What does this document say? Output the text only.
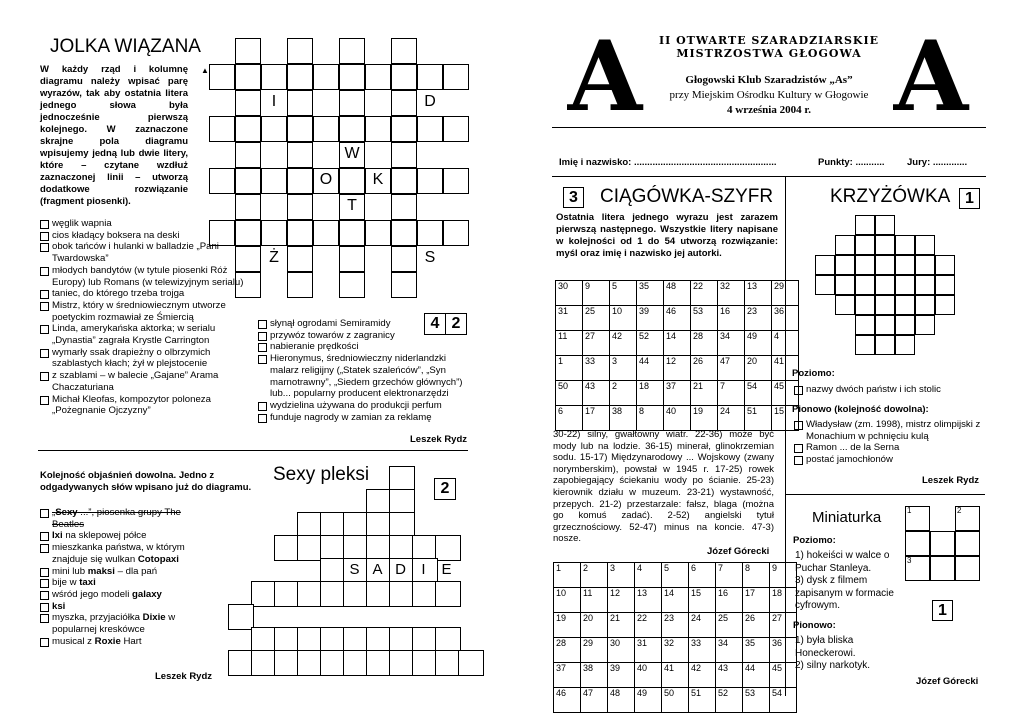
JOLKA WIĄZANA
W każdy rząd i kolumnę diagramu należy wpisać parę wyrazów, tak aby ostatnia litera jednego słowa była jednocześnie pierwszą kolejnego. W zaznaczone skrajne pola diagramu wpisujemy jedną lub dwie litery, które – czytane wzdłuż zaznaczonej linii – utworzą dodatkowe rozwiązanie (fragment piosenki).
I	D
W
O	K
T
Ż	S
▲
węglik wapnia
cios kładący boksera na deski
obok tańców i hulanki w balladzie „Pani Twardowska”
młodych bandytów (w tytule piosenki Róż Europy) lub Romans (w telewizyjnym serialu)
taniec, do którego trzeba trojga
Mistrz, który w średniowiecznym utworze poetyckim rozmawiał ze Śmiercią
Linda, amerykańska aktorka; w serialu „Dynastia” zagrała Krystle Carrington
wymarły ssak drapieżny o olbrzymich szablastych kłach; żył w plejstocenie
z szablami – w balecie „Gajane” Arama Chaczaturiana
Michał Kleofas, kompozytor poloneza „Pożegnanie Ojczyzny”
słynął ogrodami Semiramidy
przywóz towarów z zagranicy
nabieranie prędkości
Hieronymus, średniowieczny niderlandzki malarz religijny („Statek szaleńców”, „Syn marnotrawny”, „Siedem grzechów głównych”) lub... popularny producent elektronarzędzi
wydzielina używana do produkcji perfum
funduje nagrody w zamian za reklamę
4 2
Leszek Rydz
Kolejność objaśnień dowolna. Jedno z odgadywanych słów wpisano już do diagramu.
Sexy pleksi
2
„Sexy ...”, piosenka grupy The Beatles
Ixi na sklepowej półce
mieszkanka państwa, w którym znajduje się wulkan Cotopaxi
mini lub maksi – dla pań
bije w taxi
wśród jego modeli galaxy
ksi
myszka, przyjaciółka Dixie w popularnej kreskówce
musical z Roxie Hart
S A D	I	E
Leszek Rydz
A	A
II OTWARTE SZARADZIARSKIE
MISTRZOSTWA GŁOGOWA
Głogowski Klub Szaradzistów „As”
przy Miejskim Ośrodku Kultury w Głogowie
4 września 2004 r.
Imię i nazwisko: ......................................................	Punkty: ........... Jury: .............
3	CIĄGÓWKA-SZYFR
Ostatnia litera jednego wyrazu jest zarazem pierwszą następnego. Wszystkie litery napisane w kolejności od 1 do 54 utworzą rozwiązanie: myśl oraz imię i nazwisko jej autorki.
30	9	5	35	48	22	32	13	29
31	25	10	39	46	53	16	23	36
11	27	42	52	14	28	34	49	4
1	33	3	44	12	26	47	20	41
50	43	2	18	37	21	7	54	45
6	17	38	8	40	19	24	51	15
30-22) silny, gwałtowny wiatr. 22-36) może być mody lub na lodzie. 36-15) minerał, glinokrzemian sodu. 15-17) Międzynarodowy ... Wojskowy (zwany norymberskim), powstał w 1945 r. 17-25) rowek zapobiegający ściekaniu wody po ścianie. 25-23) kierownik działu w muzeum. 23-21) wystawność, przepych. 21-2) przestarzale: fałsz, blaga (można go komuś zadać). 2-52) angielski tytuł grzecznościowy. 52-47) minus na koncie. 47-3) nosze.
Józef Górecki
1	2	3	4	5	6	7	8	9
10	11	12	13	14	15	16	17	18
19	20	21	22	23	24	25	26	27
28	29	30	31	32	33	34	35	36
37	38	39	40	41	42	43	44	45
46	47	48	49	50	51	52	53	54
KRZYŻÓWKA 1
Poziomo:
nazwy dwóch państw i ich stolic
Pionowo (kolejność dowolna):
Władysław (zm. 1998), mistrz olimpijski z Monachium w pchnięciu kulą
Ramon ... de la Serna
postać jamochłonów
Leszek Rydz
Miniaturka
Poziomo:
1) hokeiści w walce o Puchar Stanleya.
3) dysk z filmem zapisanym w formacie cyfrowym.
Pionowo:
1) była bliska Honeckerowi.
2) silny narkotyk.
1	2
3
1
Józef Górecki
